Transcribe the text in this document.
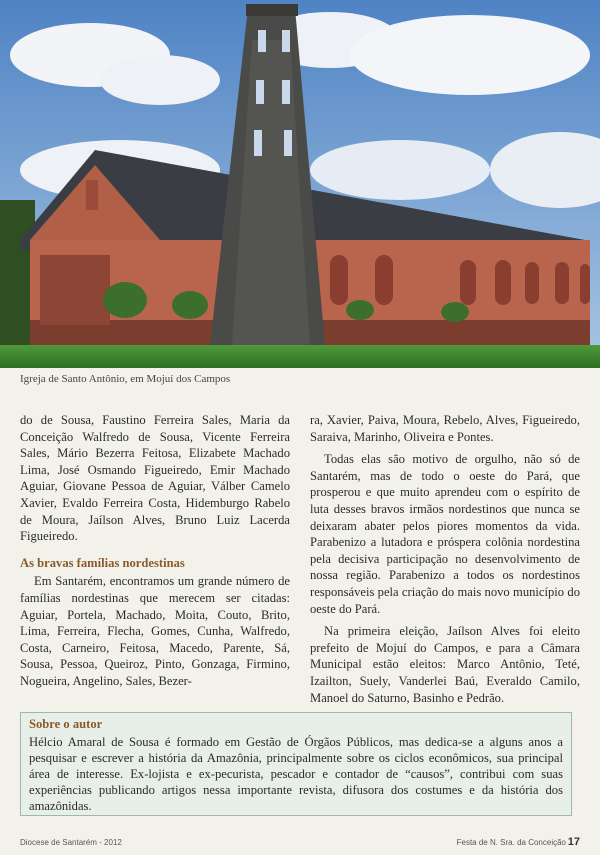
Igreja de Santo Antônio, em Mojuí dos Campos

do de Sousa, Faustino Ferreira Sales, Maria da Conceição Walfredo de Sousa, Vicente Ferreira Sales, Mário Bezerra Feitosa, Elizabete Machado Lima, José Osmando Figueiredo, Emir Machado Aguiar, Giovane Pessoa de Aguiar, Válber Camelo Xavier, Evaldo Ferreira Costa, Hidemburgo Rabelo de Moura, Jaílson Alves, Bruno Luiz Lacerda Figueiredo.

As bravas famílias nordestinas

Em Santarém, encontramos um grande número de famílias nordestinas que merecem ser citadas: Aguiar, Portela, Machado, Moita, Couto, Brito, Lima, Ferreira, Flecha, Gomes, Cunha, Walfredo, Costa, Carneiro, Feitosa, Macedo, Parente, Sá, Sousa, Pessoa, Queiroz, Pinto, Gonzaga, Firmino, Nogueira, Angelino, Sales, Bezer-

ra, Xavier, Paiva, Moura, Rebelo, Alves, Figueiredo, Saraiva, Marinho, Oliveira e Pontes.

Todas elas são motivo de orgulho, não só de Santarém, mas de todo o oeste do Pará, que prosperou e que muito aprendeu com o espírito de luta desses bravos irmãos nordestinos que nunca se deixaram abater pelos piores momentos da vida. Parabenizo a lutadora e próspera colônia nordestina pela decisiva participação no desenvolvimento de nossa região. Parabenizo a todos os nordestinos responsáveis pela criação do mais novo município do oeste do Pará.

Na primeira eleição, Jaílson Alves foi eleito prefeito de Mojuí do Campos, e para a Câmara Municipal estão eleitos: Marco Antônio, Teté, Izailton, Suely, Vanderlei Baú, Everaldo Camilo, Manoel do Saturno, Basinho e Pedrão.

Sobre o autor

Hélcio Amaral de Sousa é formado em Gestão de Órgãos Públicos, mas dedica-se a alguns anos a pesquisar e escrever a história da Amazônia, principalmente sobre os ciclos econômicos, sua principal área de interesse. Ex-lojista e ex-pecurista, pescador e contador de “causos”, contribui com suas experiências publicando artigos nessa importante revista, difusora dos costumes e da história dos amazônidas.

Diocese de Santarém - 2012	Festa de N. Sra. da Conceição 17
